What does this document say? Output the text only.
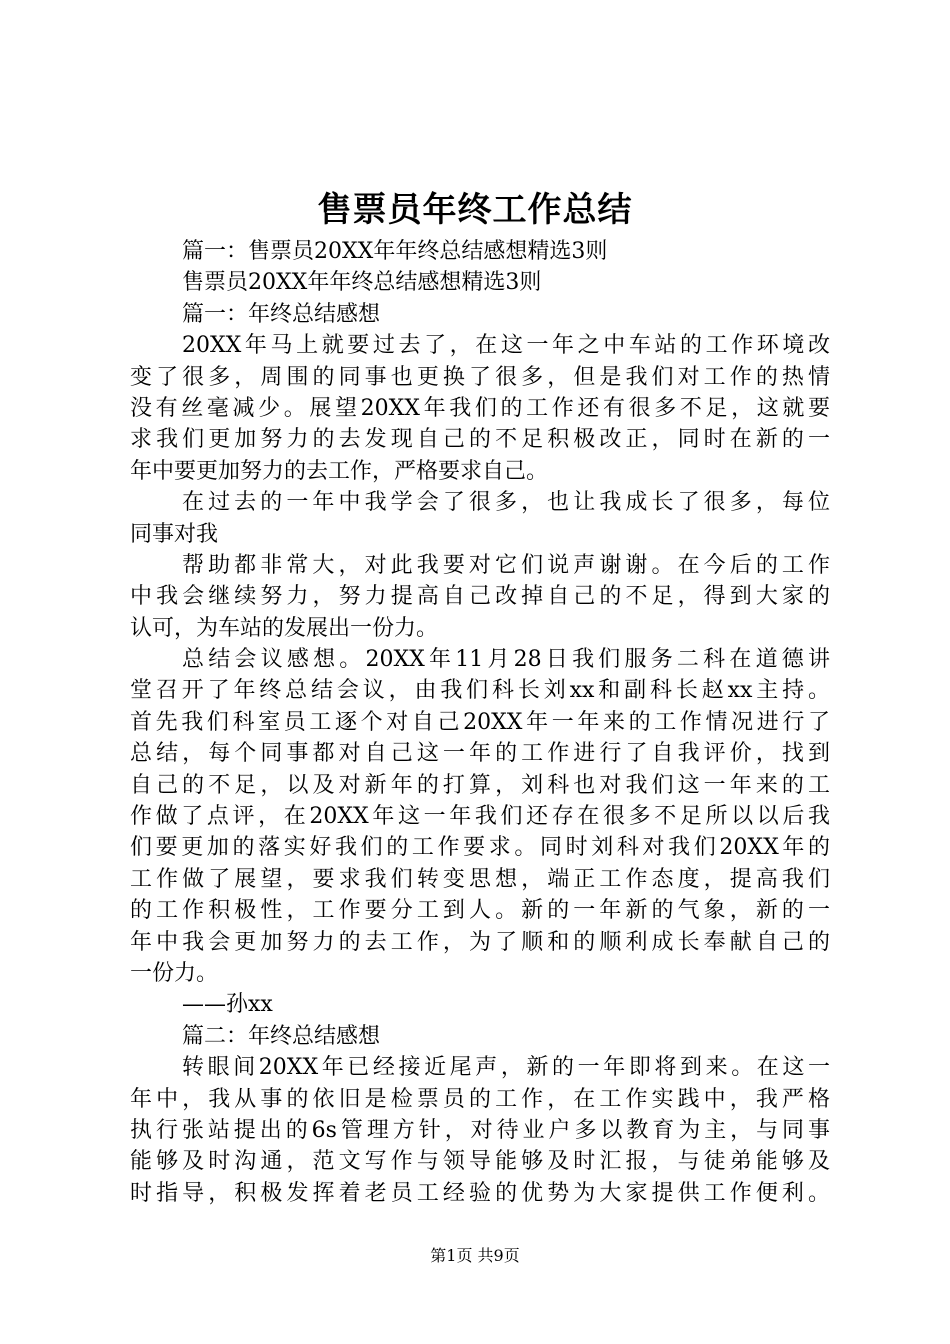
售票员年终工作总结
篇一：售票员20XX年年终总结感想精选3则
售票员20XX年年终总结感想精选3则
篇一：年终总结感想
20XX年马上就要过去了，在这一年之中车站的工作环境改
变了很多，周围的同事也更换了很多，但是我们对工作的热情
没有丝毫减少。展望20XX年我们的工作还有很多不足，这就要
求我们更加努力的去发现自己的不足积极改正，同时在新的一
年中要更加努力的去工作，严格要求自己。
在过去的一年中我学会了很多，也让我成长了很多，每位
同事对我
帮助都非常大，对此我要对它们说声谢谢。在今后的工作
中我会继续努力，努力提高自己改掉自己的不足，得到大家的
认可，为车站的发展出一份力。
总结会议感想。20XX年11月28日我们服务二科在道德讲
堂召开了年终总结会议，由我们科长刘xx和副科长赵xx主持。
首先我们科室员工逐个对自己20XX年一年来的工作情况进行了
总结，每个同事都对自己这一年的工作进行了自我评价，找到
自己的不足，以及对新年的打算，刘科也对我们这一年来的工
作做了点评，在20XX年这一年我们还存在很多不足所以以后我
们要更加的落实好我们的工作要求。同时刘科对我们20XX年的
工作做了展望，要求我们转变思想，端正工作态度，提高我们
的工作积极性，工作要分工到人。新的一年新的气象，新的一
年中我会更加努力的去工作，为了顺和的顺利成长奉献自己的
一份力。
——孙xx
篇二：年终总结感想
转眼间20XX年已经接近尾声，新的一年即将到来。在这一
年中，我从事的依旧是检票员的工作，在工作实践中，我严格
执行张站提出的6s管理方针，对待业户多以教育为主，与同事
能够及时沟通，范文写作与领导能够及时汇报，与徒弟能够及
时指导，积极发挥着老员工经验的优势为大家提供工作便利。
第1页 共9页
